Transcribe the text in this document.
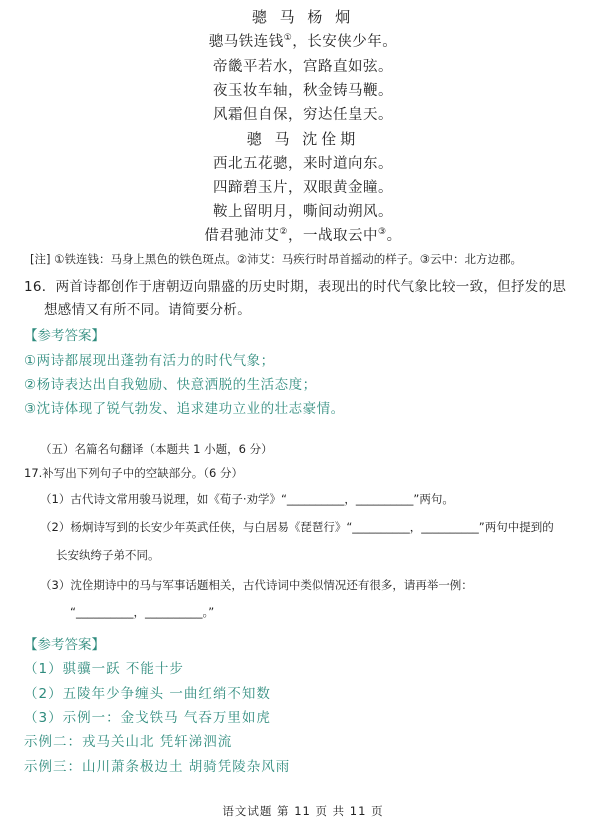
骢 马 杨 炯
骢马铁连钱①，长安侠少年。
帝畿平若水，宫路直如弦。
夜玉妆车轴，秋金铸马鞭。
风霜但自保，穷达任皇天。
骢 马 沈佺期
西北五花骢，来时道向东。
四蹄碧玉片，双眼黄金瞳。
鞍上留明月，嘶间动朔风。
借君驰沛艾②，一战取云中③。
[注] ①铁连钱：马身上黑色的铁色斑点。②沛艾：马疾行时昂首摇动的样子。③云中：北方边郡。
16．两首诗都创作于唐朝迈向鼎盛的历史时期，表现出的时代气象比较一致，但抒发的思
想感情又有所不同。请简要分析。
【参考答案】
①两诗都展现出蓬勃有活力的时代气象；
②杨诗表达出自我勉励、快意洒脱的生活态度；
③沈诗体现了锐气勃发、追求建功立业的壮志豪情。
（五）名篇名句翻译（本题共 1 小题，6 分）
17.补写出下列句子中的空缺部分。（6 分）
（1）古代诗文常用骏马说理，如《荀子·劝学》“__________，__________”两句。
（2）杨炯诗写到的长安少年英武任侠，与白居易《琵琶行》“__________，__________”两句中提到的
长安纨绔子弟不同。
（3）沈佺期诗中的马与军事话题相关，古代诗词中类似情况还有很多，请再举一例：
“__________，__________。”
【参考答案】
（1）骐骥一跃 不能十步
（2）五陵年少争缠头 一曲红绡不知数
（3）示例一：金戈铁马 气吞万里如虎
示例二：戎马关山北 凭轩涕泗流
示例三：山川萧条极边土 胡骑凭陵杂风雨
语文试题 第 11 页 共 11 页
